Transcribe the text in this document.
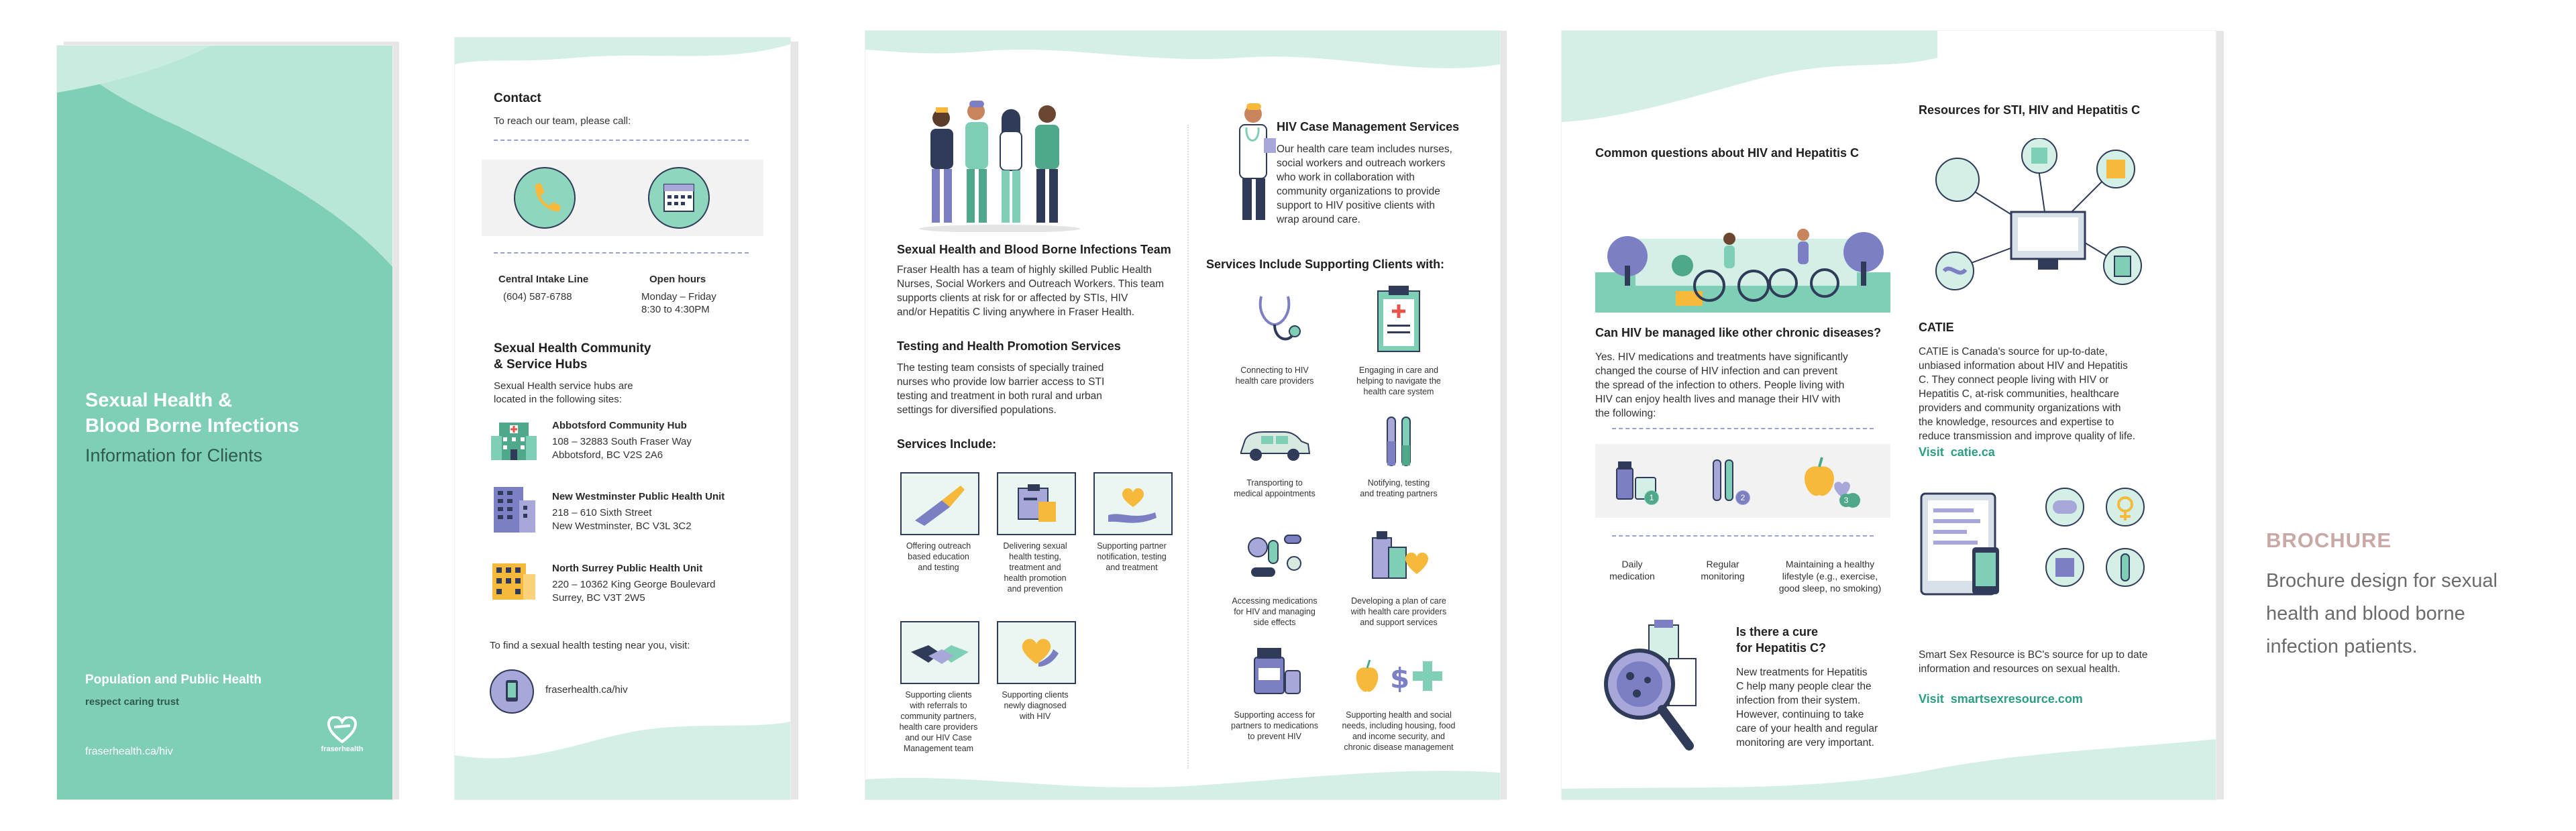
Sexual Health &
Blood Borne Infections
Information for Clients
Population and Public Health
respect caring trust
fraserhealth.ca/hiv	fraserhealth
Contact
To reach our team, please call:
Central Intake Line
(604) 587-6788
Open hours
Monday – Friday
8:30 to 4:30PM
Sexual Health Community
& Service Hubs
Sexual Health service hubs are
located in the following sites:
Abbotsford Community Hub
108 – 32883 South Fraser Way
Abbotsford, BC V2S 2A6
New Westminster Public Health Unit
218 – 610 Sixth Street
New Westminster, BC V3L 3C2
North Surrey Public Health Unit
220 – 10362 King George Boulevard
Surrey, BC V3T 2W5
To find a sexual health testing near you, visit:
fraserhealth.ca/hiv
Sexual Health and Blood Borne Infections Team
Fraser Health has a team of highly skilled Public Health
Nurses, Social Workers and Outreach Workers. This team
supports clients at risk for or affected by STIs, HIV
and/or Hepatitis C living anywhere in Fraser Health.
Testing and Health Promotion Services
The testing team consists of specially trained
nurses who provide low barrier access to STI
testing and treatment in both rural and urban
settings for diversified populations.
Services Include:
Offering outreach
based education
and testing
Delivering sexual
health testing,
treatment and
health promotion
and prevention
Supporting partner
notification, testing
and treatment
Supporting clients
with referrals to
community partners,
health care providers
and our HIV Case
Management team
Supporting clients
newly diagnosed
with HIV
HIV Case Management Services
Our health care team includes nurses,
social workers and outreach workers
who work in collaboration with
community organizations to provide
support to HIV positive clients with
wrap around care.
Services Include Supporting Clients with:
Connecting to HIV
health care providers
Engaging in care and
helping to navigate the
health care system
Transporting to
medical appointments
Notifying, testing
and treating partners
Accessing medications
for HIV and managing
side effects
Developing a plan of care
with health care providers
and support services
Supporting access for
partners to medications
to prevent HIV
$
Supporting health and social
needs, including housing, food
and income security, and
chronic disease management
Common questions about HIV and Hepatitis C
Can HIV be managed like other chronic diseases?
Yes. HIV medications and treatments have significantly
changed the course of HIV infection and can prevent
the spread of the infection to others. People living with
HIV can enjoy health lives and manage their HIV with
the following:
1	2	3
Daily
medication
Regular
monitoring
Maintaining a healthy
lifestyle (e.g., exercise,
good sleep, no smoking)
Is there a cure
for Hepatitis C?
New treatments for Hepatitis
C help many people clear the
infection from their system.
However, continuing to take
care of your health and regular
monitoring are very important.
Resources for STI, HIV and Hepatitis C
CATIE
CATIE is Canada's source for up-to-date,
unbiased information about HIV and Hepatitis
C. They connect people living with HIV or
Hepatitis C, at-risk communities, healthcare
providers and community organizations with
the knowledge, resources and expertise to
reduce transmission and improve quality of life.
Visit catie.ca
Smart Sex Resource is BC's source for up to date
information and resources on sexual health.
Visit smartsexresource.com
BROCHURE
Brochure design for sexual
health and blood borne
infection patients.
